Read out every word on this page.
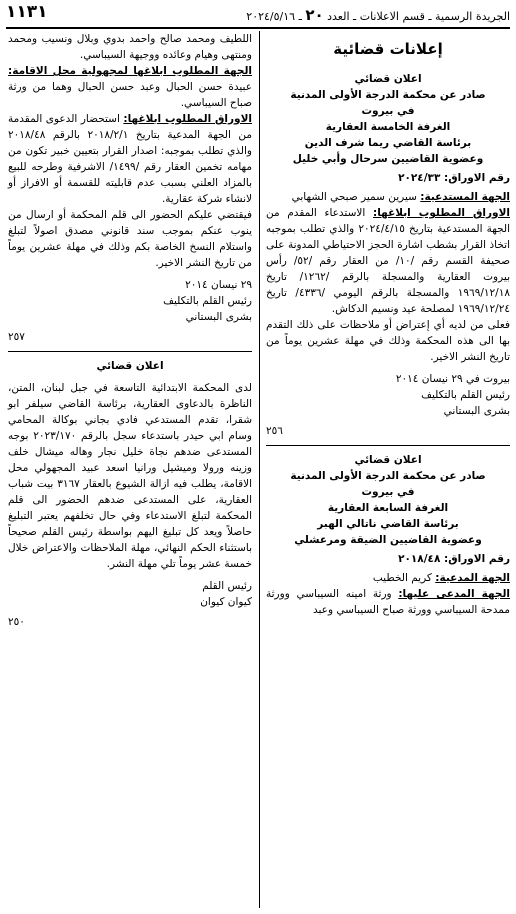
الجريدة الرسمية ـ قسم الاعلانات ـ العدد ٢٠ ـ ٢٠٢٤/٥/١٦
١١٣١
إعلانات قضائية

اعلان قضائي

صادر عن محكمة الدرجة الأولى المدنية

في بيروت

الغرفة الخامسة العقارية

برئاسة القاضي ريما شرف الدين

وعضوية القاضيين سرحال وأبي خليل

رقم الاوراق: ٢٠٢٤/٣٣

الجهة المستدعية: سيرين سمير صبحي الشهابي

الاوراق المطلوب ابلاغها: الاستدعاء المقدم من الجهة المستدعية بتاريخ ٢٠٢٤/٤/١٥ والذي تطلب بموجبه اتخاذ القرار بشطب اشارة الحجز الاحتياطي المدونة على صحيفة القسم رقم /١٠/ من العقار رقم /٥٢/ رأس بيروت العقارية والمسجلة بالرقم /١٢٦٢/ تاريخ ١٩٦٩/١٢/١٨ والمسجلة بالرقم اليومي /٤٣٣٦/ تاريخ ١٩٦٩/١٢/٢٤ لمصلحة عيد ونسيم الدكاش.

فعلى من لديه أي إعتراض أو ملاحظات على ذلك التقدم بها الى هذه المحكمة وذلك في مهلة عشرين يوماً من تاريخ النشر الاخير.

بيروت في ٢٩ نيسان ٢٠١٤

رئيس القلم بالتكليف

بشرى البستاني

٢٥٦

اعلان قضائي

صادر عن محكمة الدرجة الأولى المدنية

في بيروت

الغرفة السابعة العقارية

برئاسة القاضي ناتالي الهبر

وعضوية القاضيين الضيقة ومرعشلي

رقم الاوراق: ٢٠١٨/٤٨

الجهة المدعية: كريم الخطيب

الجهة المدعى عليها: ورثة امينه السيباسي وورثة ممدحة السيباسي وورثة صباح السيباسي وعبد

اللطيف ومحمد صالح واحمد بدوي وبلال ونسيب ومحمد ومنتهى وهيام وعائده ووجيهة السيباسي.

الجهة المطلوب ابلاغها لمجهولية محل الاقامة: عبيدة حسن الحبال وعبد حسن الحبال وهما من ورثة صباح السيباسي.

الاوراق المطلوب ابلاغها: استحضار الدعوى المقدمة من الجهة المدعية بتاريخ ٢٠١٨/٢/١ بالرقم ٢٠١٨/٤٨ والذي تطلب بموجبه: اصدار القرار بتعيين خبير تكون من مهامه تخمين العقار رقم /١٤٩٩/ الاشرفية وطرحه للبيع بالمزاد العلني بسبب عدم قابليته للقسمة أو الافراز أو لانشاء شركة عقارية.

فيقتضي عليكم الحضور الى قلم المحكمة أو ارسال من ينوب عنكم بموجب سند قانوني مصدق اصولاً لتبلغ واستلام النسخ الخاصة بكم وذلك في مهلة عشرين يوماً من تاريخ النشر الاخير.

٢٩ نيسان ٢٠١٤

رئيس القلم بالتكليف

بشرى البستاني

٢٥٧

اعلان قضائي

لدى المحكمة الابتدائية التاسعة في جبل لبنان، المتن، الناظرة بالدعاوى العقارية، برئاسة القاضي سيلفر ابو شقرا، تقدم المستدعي فادي بجاني بوكالة المحامي وسام ابي حيدر باستدعاء سجل بالرقم ٢٠٢٣/١٧٠ بوجه المستدعى ضدهم نجاة خليل نجار وهاله ميشال خلف وزينه ورولا وميشيل ورانيا اسعد عبيد المجهولي محل الاقامة، يطلب فيه ازالة الشيوع بالعقار ٣١٦٧ بيت شباب العقارية، على المستدعى ضدهم الحضور الى قلم المحكمة لتبلغ الاستدعاء وفي حال تخلفهم يعتبر التبليغ حاصلاً ويعد كل تبليغ اليهم بواسطة رئيس القلم صحيحاً باستثناء الحكم النهائي، مهلة الملاحظات والاعتراض خلال خمسة عشر يوماً تلي مهلة النشر.

رئيس القلم

كيوان كيوان

٢٥٠
